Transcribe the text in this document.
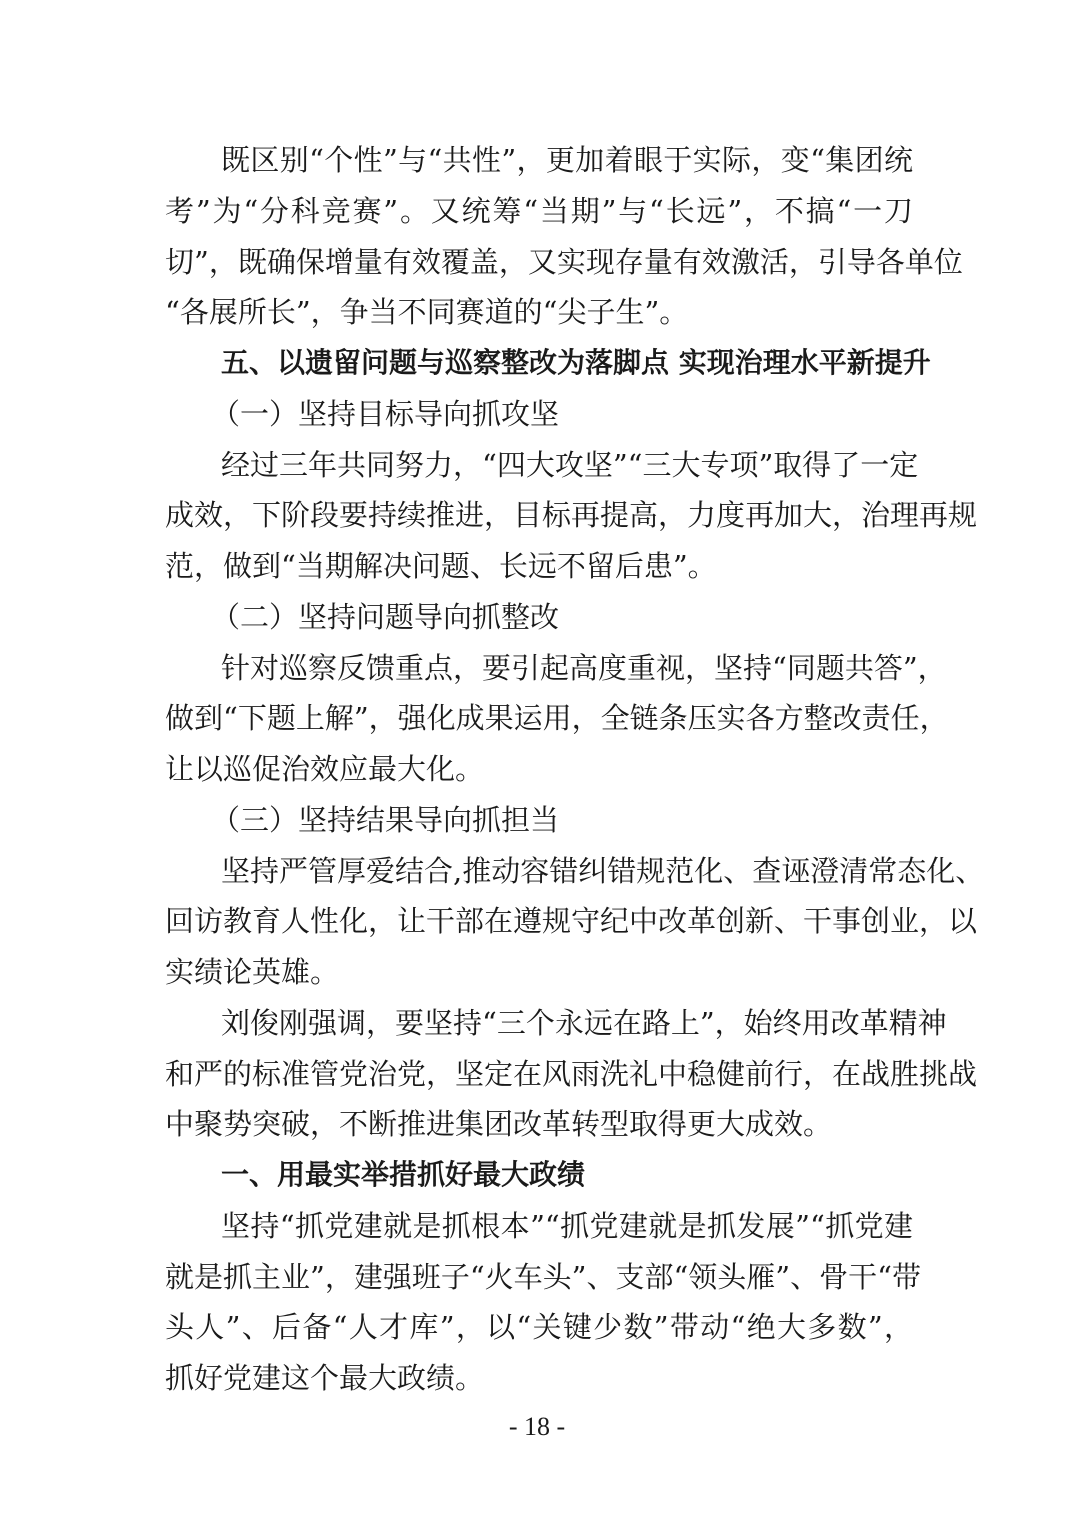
既区别“个性”与“共性”，更加着眼于实际，变“集团统
考”为“分科竞赛”。又统筹“当期”与“长远”，不搞“一刀
切”，既确保增量有效覆盖，又实现存量有效激活，引导各单位
“各展所长”，争当不同赛道的“尖子生”。
五、以遗留问题与巡察整改为落脚点 实现治理水平新提升
（一）坚持目标导向抓攻坚
经过三年共同努力，“四大攻坚”“三大专项”取得了一定
成效，下阶段要持续推进，目标再提高，力度再加大，治理再规
范，做到“当期解决问题、长远不留后患”。
（二）坚持问题导向抓整改
针对巡察反馈重点，要引起高度重视，坚持“同题共答”，
做到“下题上解”，强化成果运用，全链条压实各方整改责任，
让以巡促治效应最大化。
（三）坚持结果导向抓担当
坚持严管厚爱结合,推动容错纠错规范化、查诬澄清常态化、
回访教育人性化，让干部在遵规守纪中改革创新、干事创业，以
实绩论英雄。
刘俊刚强调，要坚持“三个永远在路上”，始终用改革精神
和严的标准管党治党，坚定在风雨洗礼中稳健前行，在战胜挑战
中聚势突破，不断推进集团改革转型取得更大成效。
一、用最实举措抓好最大政绩
坚持“抓党建就是抓根本”“抓党建就是抓发展”“抓党建
就是抓主业”，建强班子“火车头”、支部“领头雁”、骨干“带
头人”、后备“人才库”，以“关键少数”带动“绝大多数”，
抓好党建这个最大政绩。
- 18 -
